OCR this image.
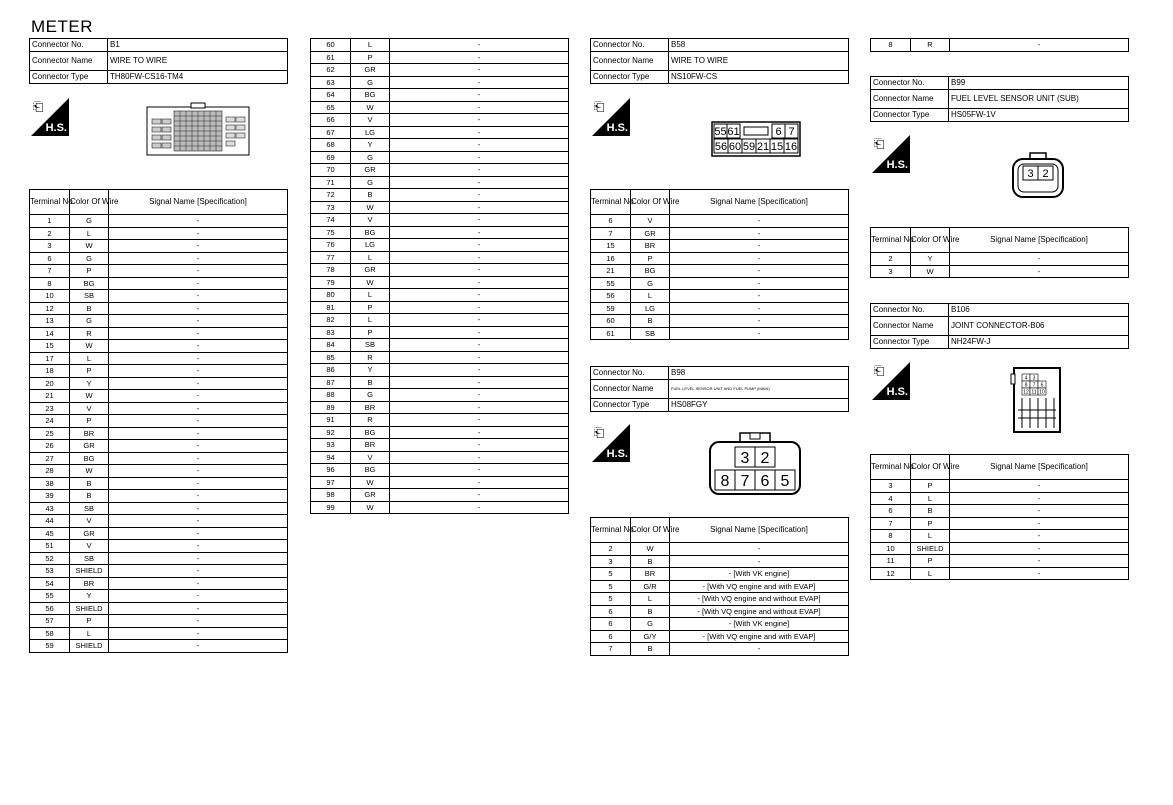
METER
Connector No.	B1
Connector Name	WIRE TO WIRE
Connector Type	TH80FW-CS16-TM4
⎗
H.S.
Terminal No.	Color Of Wire	Signal Name [Specification]
1	G	-
2	L	-
3	W	-
6	G	-
7	P	-
8	BG	-
10	SB	-
12	B	-
13	G	-
14	R	-
15	W	-
17	L	-
18	P	-
20	Y	-
21	W	-
23	V	-
24	P	-
25	BR	-
26	GR	-
27	BG	-
28	W	-
38	B	-
39	B	-
43	SB	-
44	V	-
45	GR	-
51	V	-
52	SB	-
53	SHIELD	-
54	BR	-
55	Y	-
56	SHIELD	-
57	P	-
58	L	-
59	SHIELD	-
60	L	-
61	P	-
62	GR	-
63	G	-
64	BG	-
65	W	-
66	V	-
67	LG	-
68	Y	-
69	G	-
70	GR	-
71	G	-
72	B	-
73	W	-
74	V	-
75	BG	-
76	LG	-
77	L	-
78	GR	-
79	W	-
80	L	-
81	P	-
82	L	-
83	P	-
84	SB	-
85	R	-
86	Y	-
87	B	-
88	G	-
89	BR	-
91	R	-
92	BG	-
93	BR	-
94	V	-
96	BG	-
97	W	-
98	GR	-
99	W	-
Connector No.	B58
Connector Name	WIRE TO WIRE
Connector Type	NS10FW-CS
⎗
H.S.	55 61	6 7
56 60 59 21 15 16
Terminal No.	Color Of Wire	Signal Name [Specification]
6	V	-
7	GR	-
15	BR	-
16	P	-
21	BG	-
55	G	-
56	L	-
59	LG	-
60	B	-
61	SB	-
Connector No.	B98
Connector Name	FUEL LEVEL SENSOR UNIT AND FUEL PUMP (MAIN)
Connector Type	HS08FGY
⎗
H.S.	3 2
8 7 6 5
Terminal No.	Color Of Wire	Signal Name [Specification]
2	W	-
3	B	-
5	BR	- [With VK engine]
5	G/R	- [With VQ engine and with EVAP]
5	L	- [With VQ engine and without EVAP]
6	B	- [With VQ engine and without EVAP]
6	G	- [With VK engine]
6	G/Y	- [With VQ engine and with EVAP]
7	B	-
8	R	-
Connector No.	B99
Connector Name	FUEL LEVEL SENSOR UNIT (SUB)
Connector Type	HS05FW-1V
⎗
H.S.
3 2
Terminal No.	Color Of Wire	Signal Name [Specification]
2	Y	-
3	W	-
Connector No.	B106
Connector Name	JOINT CONNECTOR-B06
Connector Type	NH24FW-J
⎗
H.S.
4 3
8 7 6
12 11 10
Terminal No.	Color Of Wire	Signal Name [Specification]
3	P	-
4	L	-
6	B	-
7	P	-
8	L	-
10	SHIELD	-
11	P	-
12	L	-
